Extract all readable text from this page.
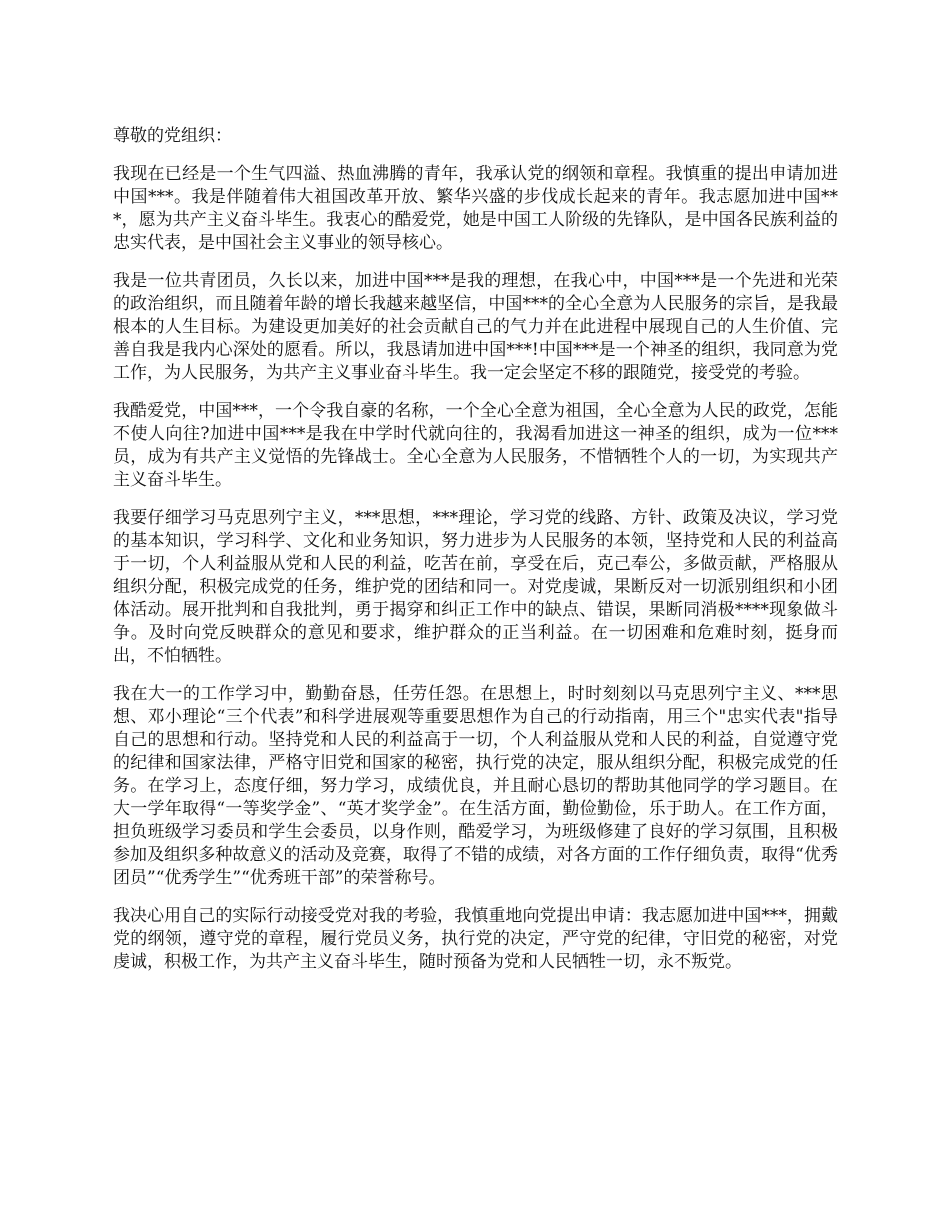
尊敬的党组织：

我现在已经是一个生气四溢、热血沸腾的青年，我承认党的纲领和章程。我慎重的提出申请加进中国***。我是伴随着伟大祖国改革开放、繁华兴盛的步伐成长起来的青年。我志愿加进中国***，愿为共产主义奋斗毕生。我衷心的酷爱党，她是中国工人阶级的先锋队，是中国各民族利益的忠实代表，是中国社会主义事业的领导核心。

我是一位共青团员，久长以来，加进中国***是我的理想，在我心中，中国***是一个先进和光荣的政治组织，而且随着年龄的增长我越来越坚信，中国***的全心全意为人民服务的宗旨，是我最根本的人生目标。为建设更加美好的社会贡献自己的气力并在此进程中展现自己的人生价值、完善自我是我内心深处的愿看。所以，我恳请加进中国***!中国***是一个神圣的组织，我同意为党工作，为人民服务，为共产主义事业奋斗毕生。我一定会坚定不移的跟随党，接受党的考验。

我酷爱党，中国***，一个令我自豪的名称，一个全心全意为祖国，全心全意为人民的政党，怎能不使人向往?加进中国***是我在中学时代就向往的，我渴看加进这一神圣的组织，成为一位***员，成为有共产主义觉悟的先锋战士。全心全意为人民服务，不惜牺牲个人的一切，为实现共产主义奋斗毕生。

我要仔细学习马克思列宁主义，***思想，***理论，学习党的线路、方针、政策及决议，学习党的基本知识，学习科学、文化和业务知识，努力进步为人民服务的本领，坚持党和人民的利益高于一切，个人利益服从党和人民的利益，吃苦在前，享受在后，克己奉公，多做贡献，严格服从组织分配，积极完成党的任务，维护党的团结和同一。对党虔诚，果断反对一切派别组织和小团体活动。展开批判和自我批判，勇于揭穿和纠正工作中的缺点、错误，果断同消极****现象做斗争。及时向党反映群众的意见和要求，维护群众的正当利益。在一切困难和危难时刻，挺身而出，不怕牺牲。

我在大一的工作学习中，勤勤奋恳，任劳任怨。在思想上，时时刻刻以马克思列宁主义、***思想、邓小理论“三个代表”和科学进展观等重要思想作为自己的行动指南，用三个"忠实代表"指导自己的思想和行动。坚持党和人民的利益高于一切，个人利益服从党和人民的利益，自觉遵守党的纪律和国家法律，严格守旧党和国家的秘密，执行党的决定，服从组织分配，积极完成党的任务。在学习上，态度仔细，努力学习，成绩优良，并且耐心恳切的帮助其他同学的学习题目。在大一学年取得“一等奖学金”、“英才奖学金”。在生活方面，勤俭勤俭，乐于助人。在工作方面，担负班级学习委员和学生会委员，以身作则，酷爱学习，为班级修建了良好的学习氛围，且积极参加及组织多种故意义的活动及竞赛，取得了不错的成绩，对各方面的工作仔细负责，取得“优秀团员”“优秀学生”“优秀班干部”的荣誉称号。

我决心用自己的实际行动接受党对我的考验，我慎重地向党提出申请：我志愿加进中国***，拥戴党的纲领，遵守党的章程，履行党员义务，执行党的决定，严守党的纪律，守旧党的秘密，对党虔诚，积极工作，为共产主义奋斗毕生，随时预备为党和人民牺牲一切，永不叛党。
